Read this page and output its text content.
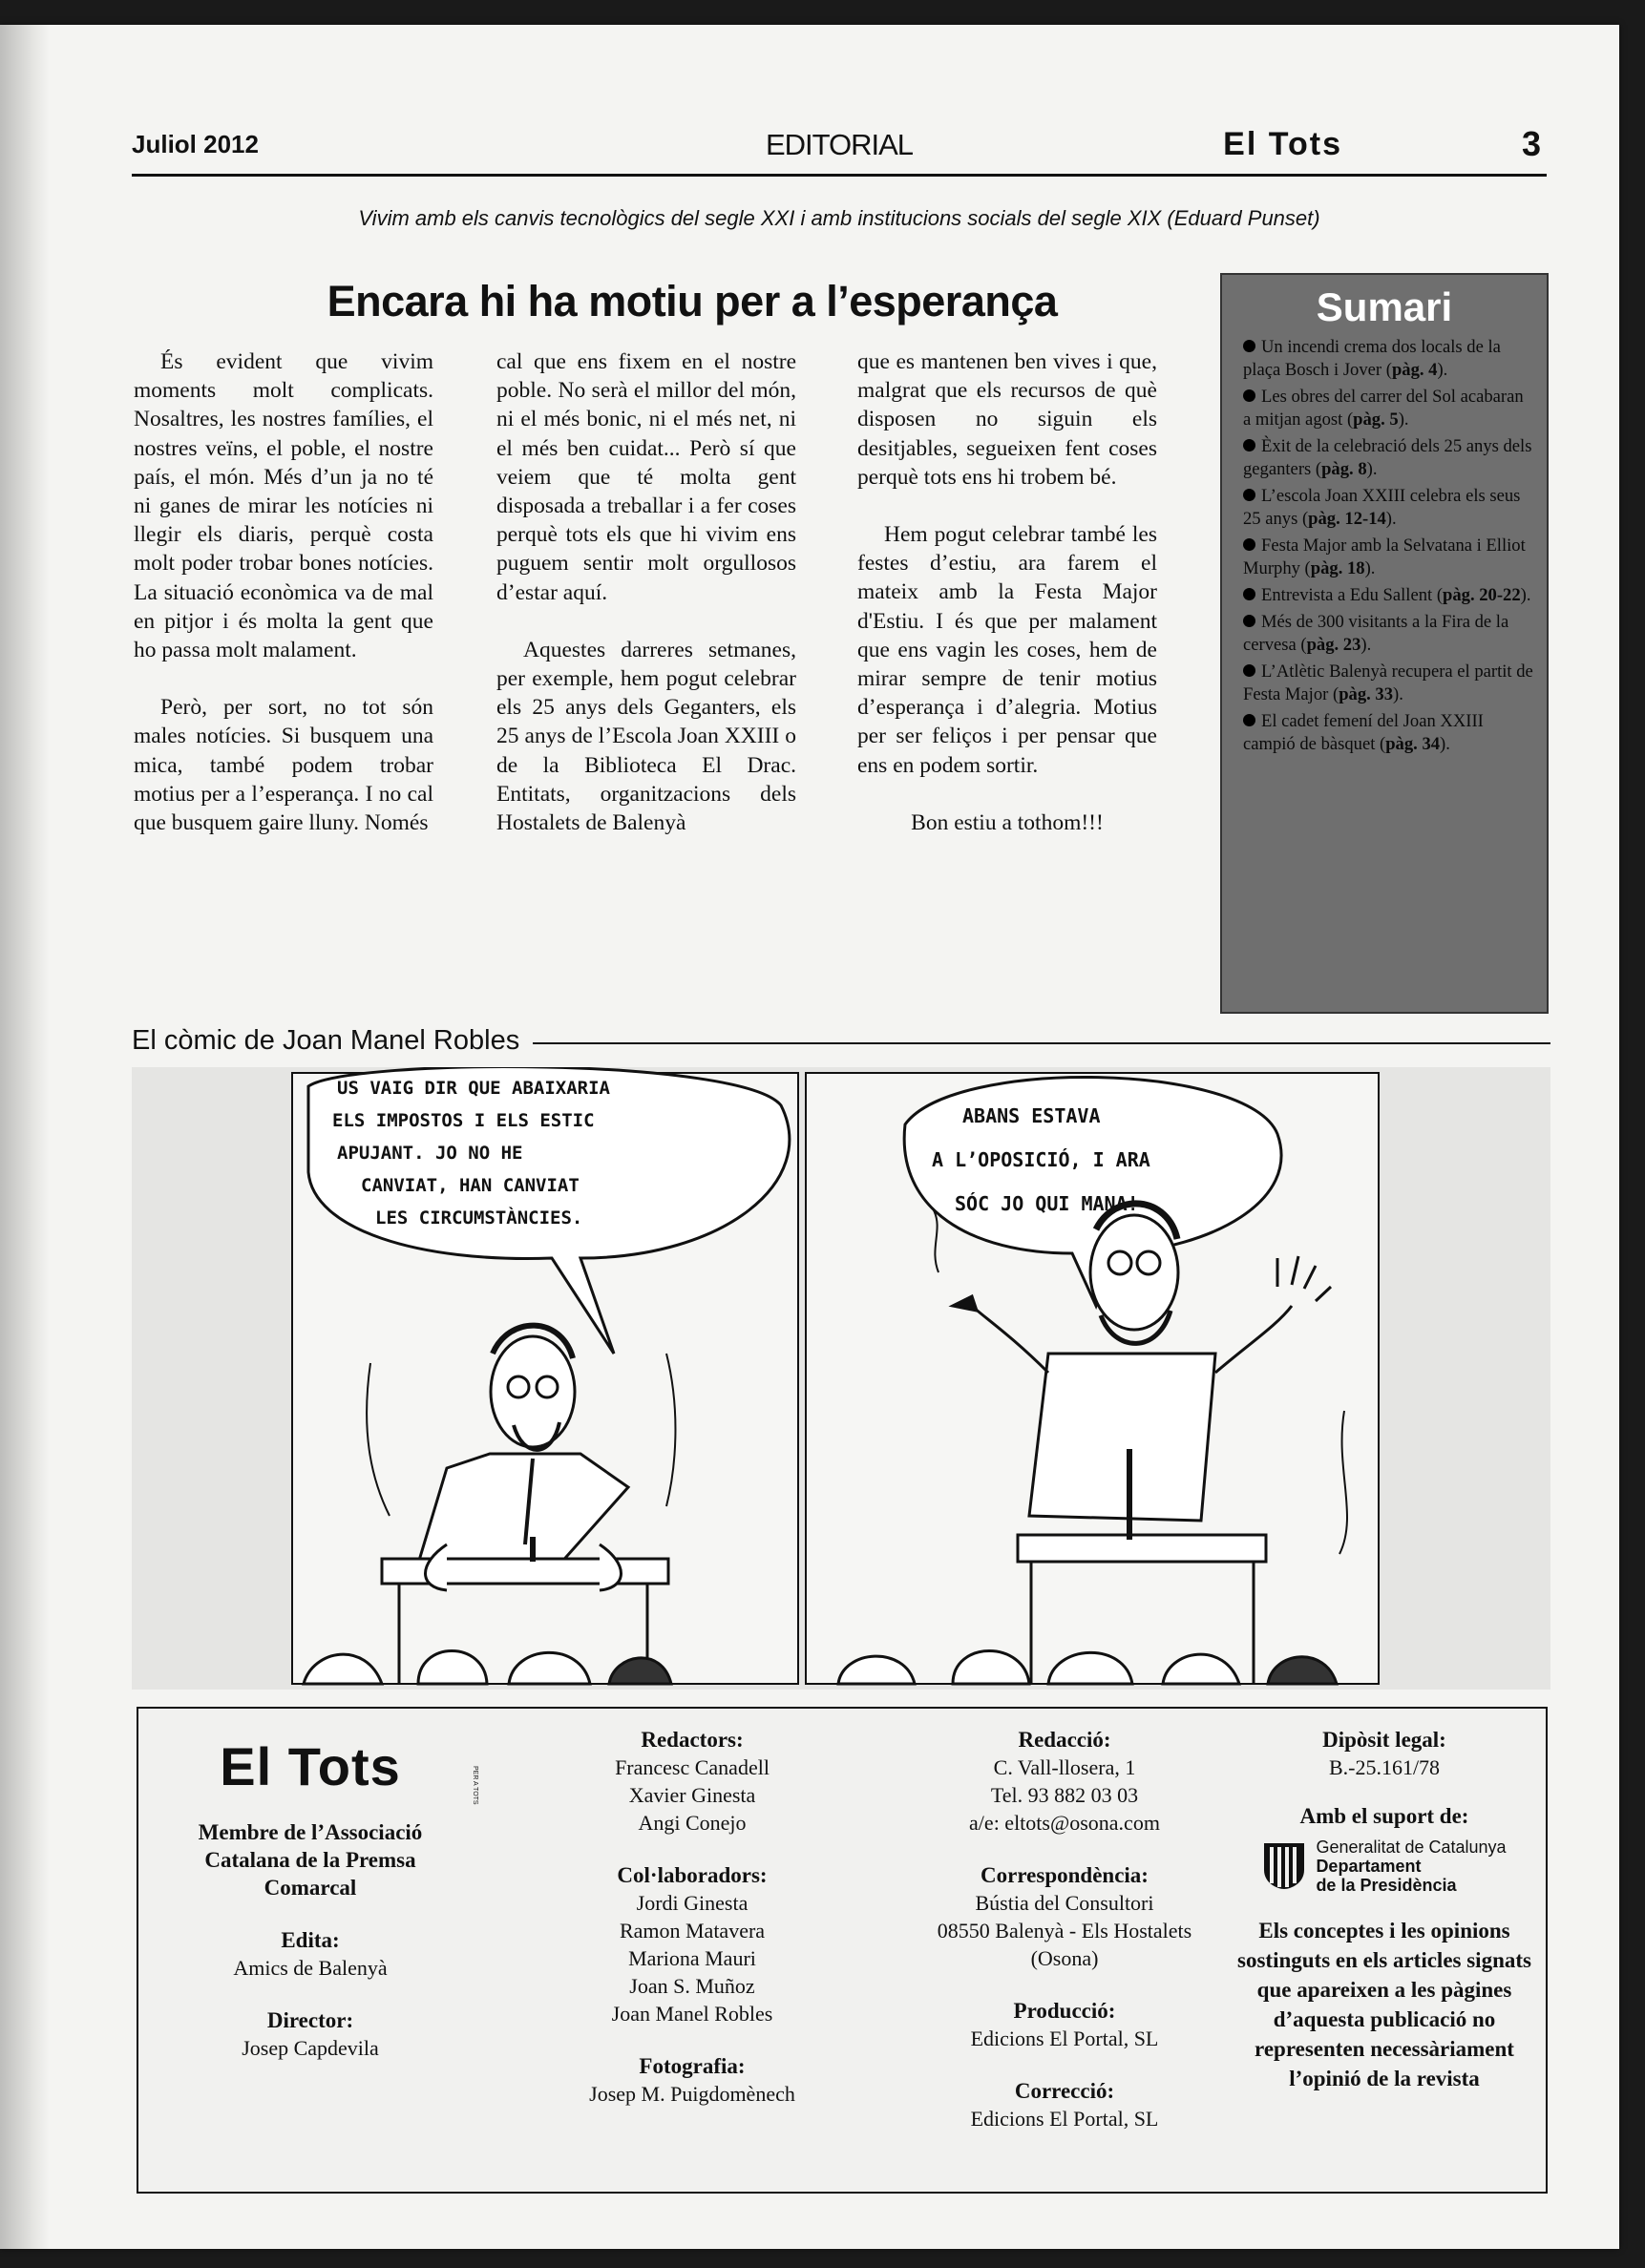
Juliol 2012	EDITORIAL	El Tots	3
Vivim amb els canvis tecnològics del segle XXI i amb institucions socials del segle XIX (Eduard Punset)
Encara hi ha motiu per a l’esperança

És evident que vivim moments molt complicats. Nosaltres, les nostres famílies, el nostres veïns, el poble, el nostre país, el món. Més d’un ja no té ni ganes de mirar les notícies ni llegir els diaris, perquè costa molt poder trobar bones notícies. La situació econòmica va de mal en pitjor i és molta la gent que ho passa molt malament.

Però, per sort, no tot són males notícies. Si busquem una mica, també podem trobar motius per a l’esperança. I no cal que busquem gaire lluny. Només

cal que ens fixem en el nostre poble. No serà el millor del món, ni el més bonic, ni el més net, ni el més ben cuidat... Però sí que veiem que té molta gent disposada a treballar i a fer coses perquè tots els que hi vivim ens puguem sentir molt orgullosos d’estar aquí.

Aquestes darreres setmanes, per exemple, hem pogut celebrar els 25 anys dels Geganters, els 25 anys de l’Escola Joan XXIII o de la Biblioteca El Drac. Entitats, organitzacions dels Hostalets de Balenyà

que es mantenen ben vives i que, malgrat que els recursos de què disposen no siguin els desitjables, segueixen fent coses perquè tots ens hi trobem bé.

Hem pogut celebrar també les festes d’estiu, ara farem el mateix amb la Festa Major d'Estiu. I és que per malament que ens vagin les coses, hem de mirar sempre de tenir motius d’esperança i d’alegria. Motius per ser feliços i per pensar que ens en podem sortir.

Bon estiu a tothom!!!

Sumari
Un incendi crema dos locals de la plaça Bosch i Jover (pàg. 4).
Les obres del carrer del Sol acabaran a mitjan agost (pàg. 5).
Èxit de la celebració dels 25 anys dels geganters (pàg. 8).
L’escola Joan XXIII celebra els seus 25 anys (pàg. 12-14).
Festa Major amb la Selvatana i Elliot Murphy (pàg. 18).
Entrevista a Edu Sallent (pàg. 20-22).
Més de 300 visitants a la Fira de la cervesa (pàg. 23).
L’Atlètic Balenyà recupera el partit de Festa Major (pàg. 33).
El cadet femení del Joan XXIII campió de bàsquet (pàg. 34).
El còmic de Joan Manel Robles
US VAIG DIR QUE ABAIXARIA
ELS IMPOSTOS I ELS ESTIC
APUJANT. JO NO HE
CANVIAT, HAN CANVIAT
LES CIRCUMSTÀNCIES.
ABANS ESTAVA
A L’OPOSICIÓ, I ARA
SÓC JO QUI MANA!
El Tots	PER A TOTS
Membre de l’Associació Catalana de la Premsa Comarcal
Edita:
Amics de Balenyà
Director:
Josep Capdevila
Redactors:
Francesc Canadell
Xavier Ginesta
Angi Conejo
Col·laboradors:
Jordi Ginesta
Ramon Matavera
Mariona Mauri
Joan S. Muñoz
Joan Manel Robles
Fotografia:
Josep M. Puigdomènech
Redacció:
C. Vall-llosera, 1
Tel. 93 882 03 03
a/e: eltots@osona.com
Correspondència:
Bústia del Consultori
08550 Balenyà - Els Hostalets
(Osona)
Producció:
Edicions El Portal, SL
Correcció:
Edicions El Portal, SL
Dipòsit legal:
B.-25.161/78
Amb el suport de:
Generalitat de Catalunya
Departament
de la Presidència
Els conceptes i les opinions sostinguts en els articles signats que apareixen a les pàgines d’aquesta publicació no representen necessàriament l’opinió de la revista
